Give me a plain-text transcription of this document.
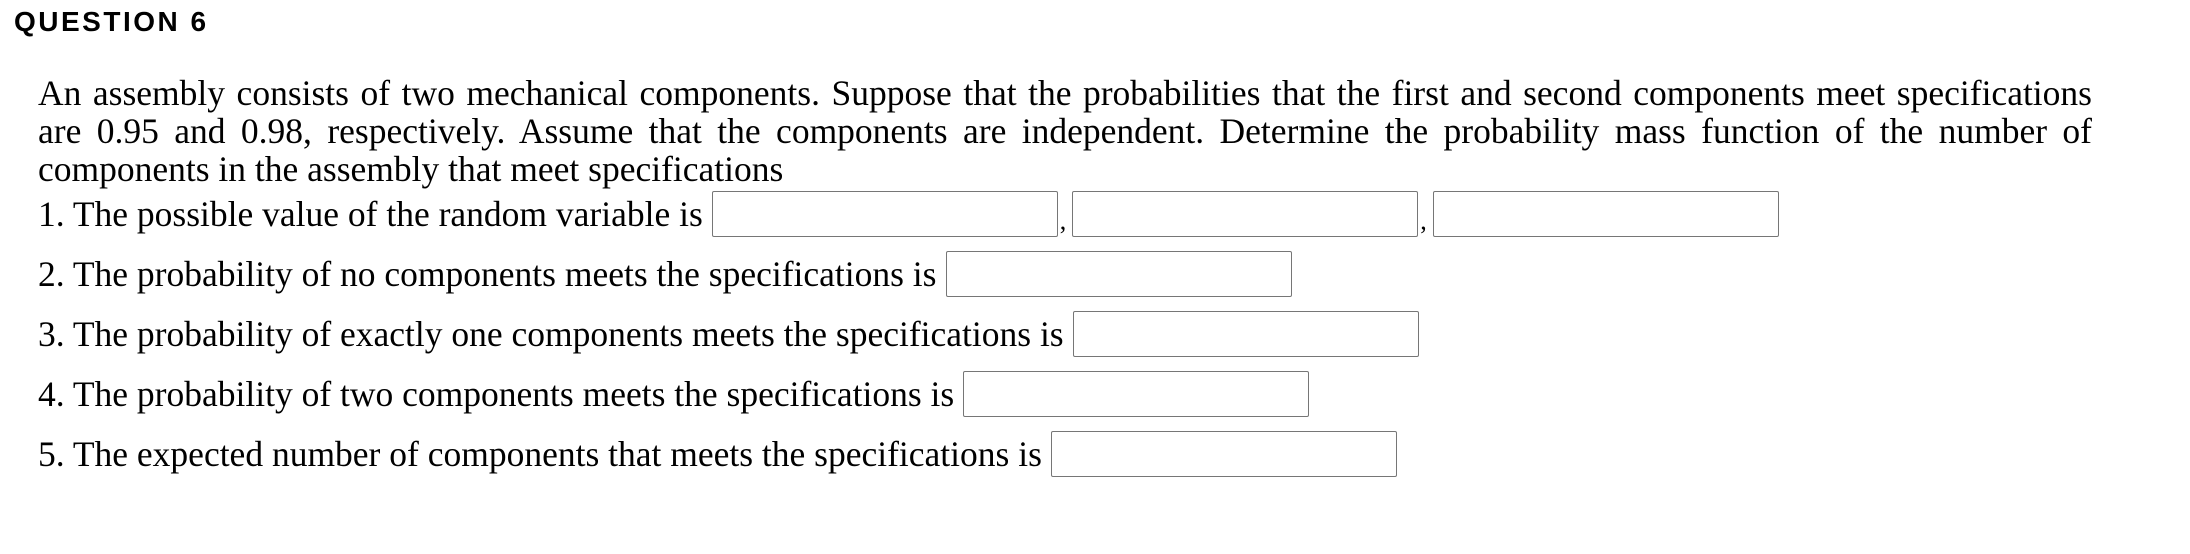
QUESTION 6
An assembly consists of two mechanical components. Suppose that the probabilities that the first and second components meet specifications are 0.95 and 0.98, respectively. Assume that the components are independent. Determine the probability mass function of the number of components in the assembly that meet specifications
1. The possible value of the random variable is	,	,
2. The probability of no components meets the specifications is
3. The probability of exactly one components meets the specifications is
4. The probability of two components meets the specifications is
5. The expected number of components that meets the specifications is
